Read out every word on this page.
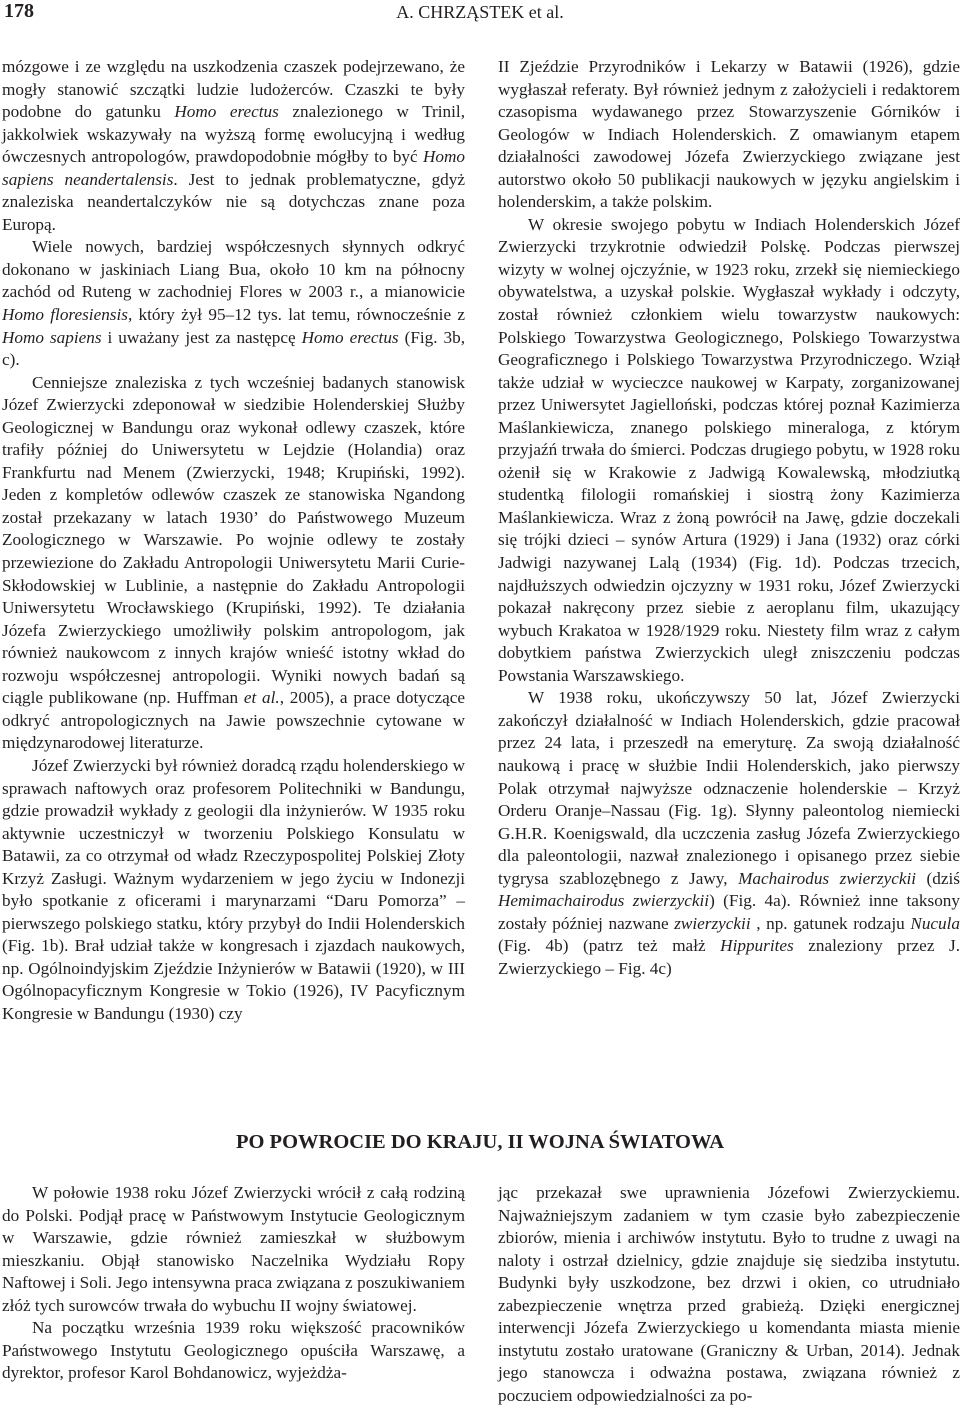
178	A. CHRZĄSTEK et al.

mózgowe i ze względu na uszkodzenia czaszek podejrzewano, że mogły stanowić szczątki ludzie ludożerców. Czaszki te były podobne do gatunku Homo erectus znalezionego w Trinil, jakkolwiek wskazywały na wyższą formę ewolucyjną i według ówczesnych antropologów, prawdopodobnie mógłby to być Homo sapiens neandertalensis. Jest to jednak problematyczne, gdyż znaleziska neandertalczyków nie są dotychczas znane poza Europą.

Wiele nowych, bardziej współczesnych słynnych odkryć dokonano w jaskiniach Liang Bua, około 10 km na północny zachód od Ruteng w zachodniej Flores w 2003 r., a mianowicie Homo floresiensis, który żył 95–12 tys. lat temu, równocześnie z Homo sapiens i uważany jest za następcę Homo erectus (Fig. 3b, c).

Cenniejsze znaleziska z tych wcześniej badanych stanowisk Józef Zwierzycki zdeponował w siedzibie Holenderskiej Służby Geologicznej w Bandungu oraz wykonał odlewy czaszek, które trafiły później do Uniwersytetu w Lejdzie (Holandia) oraz Frankfurtu nad Menem (Zwierzycki, 1948; Krupiński, 1992). Jeden z kompletów odlewów czaszek ze stanowiska Ngandong został przekazany w latach 1930’ do Państwowego Muzeum Zoologicznego w Warszawie. Po wojnie odlewy te zostały przewiezione do Zakładu Antropologii Uniwersytetu Marii Curie-Skłodowskiej w Lublinie, a następnie do Zakładu Antropologii Uniwersytetu Wrocławskiego (Krupiński, 1992). Te działania Józefa Zwierzyckiego umożliwiły polskim antropologom, jak również naukowcom z innych krajów wnieść istotny wkład do rozwoju współczesnej antropologii. Wyniki nowych badań są ciągle publikowane (np. Huffman et al., 2005), a prace dotyczące odkryć antropologicznych na Jawie powszechnie cytowane w międzynarodowej literaturze.

Józef Zwierzycki był również doradcą rządu holenderskiego w sprawach naftowych oraz profesorem Politechniki w Bandungu, gdzie prowadził wykłady z geologii dla inżynierów. W 1935 roku aktywnie uczestniczył w tworzeniu Polskiego Konsulatu w Batawii, za co otrzymał od władz Rzeczypospolitej Polskiej Złoty Krzyż Zasługi. Ważnym wydarzeniem w jego życiu w Indonezji było spotkanie z oficerami i marynarzami “Daru Pomorza” – pierwszego polskiego statku, który przybył do Indii Holenderskich (Fig. 1b). Brał udział także w kongresach i zjazdach naukowych, np. Ogólnoindyjskim Zjeździe Inżynierów w Batawii (1920), w III Ogólnopacyficznym Kongresie w Tokio (1926), IV Pacyficznym Kongresie w Bandungu (1930) czy

II Zjeździe Przyrodników i Lekarzy w Batawii (1926), gdzie wygłaszał referaty. Był również jednym z założycieli i redaktorem czasopisma wydawanego przez Stowarzyszenie Górników i Geologów w Indiach Holenderskich. Z omawianym etapem działalności zawodowej Józefa Zwierzyckiego związane jest autorstwo około 50 publikacji naukowych w języku angielskim i holenderskim, a także polskim.

W okresie swojego pobytu w Indiach Holenderskich Józef Zwierzycki trzykrotnie odwiedził Polskę. Podczas pierwszej wizyty w wolnej ojczyźnie, w 1923 roku, zrzekł się niemieckiego obywatelstwa, a uzyskał polskie. Wygłaszał wykłady i odczyty, został również członkiem wielu towarzystw naukowych: Polskiego Towarzystwa Geologicznego, Polskiego Towarzystwa Geograficznego i Polskiego Towarzystwa Przyrodniczego. Wziął także udział w wycieczce naukowej w Karpaty, zorganizowanej przez Uniwersytet Jagielloński, podczas której poznał Kazimierza Maślankiewicza, znanego polskiego mineraloga, z którym przyjaźń trwała do śmierci. Podczas drugiego pobytu, w 1928 roku ożenił się w Krakowie z Jadwigą Kowalewską, młodziutką studentką filologii romańskiej i siostrą żony Kazimierza Maślankiewicza. Wraz z żoną powrócił na Jawę, gdzie doczekali się trójki dzieci – synów Artura (1929) i Jana (1932) oraz córki Jadwigi nazywanej Lalą (1934) (Fig. 1d). Podczas trzecich, najdłuższych odwiedzin ojczyzny w 1931 roku, Józef Zwierzycki pokazał nakręcony przez siebie z aeroplanu film, ukazujący wybuch Krakatoa w 1928/1929 roku. Niestety film wraz z całym dobytkiem państwa Zwierzyckich uległ zniszczeniu podczas Powstania Warszawskiego.

W 1938 roku, ukończywszy 50 lat, Józef Zwierzycki zakończył działalność w Indiach Holenderskich, gdzie pracował przez 24 lata, i przeszedł na emeryturę. Za swoją działalność naukową i pracę w służbie Indii Holenderskich, jako pierwszy Polak otrzymał najwyższe odznaczenie holenderskie – Krzyż Orderu Oranje–Nassau (Fig. 1g). Słynny paleontolog niemiecki G.H.R. Koenigswald, dla uczczenia zasług Józefa Zwierzyckiego dla paleontologii, nazwał znalezionego i opisanego przez siebie tygrysa szablozębnego z Jawy, Machairodus zwierzyckii (dziś Hemimachairodus zwierzyckii) (Fig. 4a). Również inne taksony zostały później nazwane zwierzyckii , np. gatunek rodzaju Nucula (Fig. 4b) (patrz też małż Hippurites znaleziony przez J. Zwierzyckiego – Fig. 4c)

PO POWROCIE DO KRAJU, II WOJNA ŚWIATOWA

W połowie 1938 roku Józef Zwierzycki wrócił z całą rodziną do Polski. Podjął pracę w Państwowym Instytucie Geologicznym w Warszawie, gdzie również zamieszkał w służbowym mieszkaniu. Objął stanowisko Naczelnika Wydziału Ropy Naftowej i Soli. Jego intensywna praca związana z poszukiwaniem złóż tych surowców trwała do wybuchu II wojny światowej.

Na początku września 1939 roku większość pracowników Państwowego Instytutu Geologicznego opuściła Warszawę, a dyrektor, profesor Karol Bohdanowicz, wyjeżdża-

jąc przekazał swe uprawnienia Józefowi Zwierzyckiemu. Najważniejszym zadaniem w tym czasie było zabezpieczenie zbiorów, mienia i archiwów instytutu. Było to trudne z uwagi na naloty i ostrzał dzielnicy, gdzie znajduje się siedziba instytutu. Budynki były uszkodzone, bez drzwi i okien, co utrudniało zabezpieczenie wnętrza przed grabieżą. Dzięki energicznej interwencji Józefa Zwierzyckiego u komendanta miasta mienie instytutu zostało uratowane (Graniczny & Urban, 2014). Jednak jego stanowcza i odważna postawa, związana również z poczuciem odpowiedzialności za po-
